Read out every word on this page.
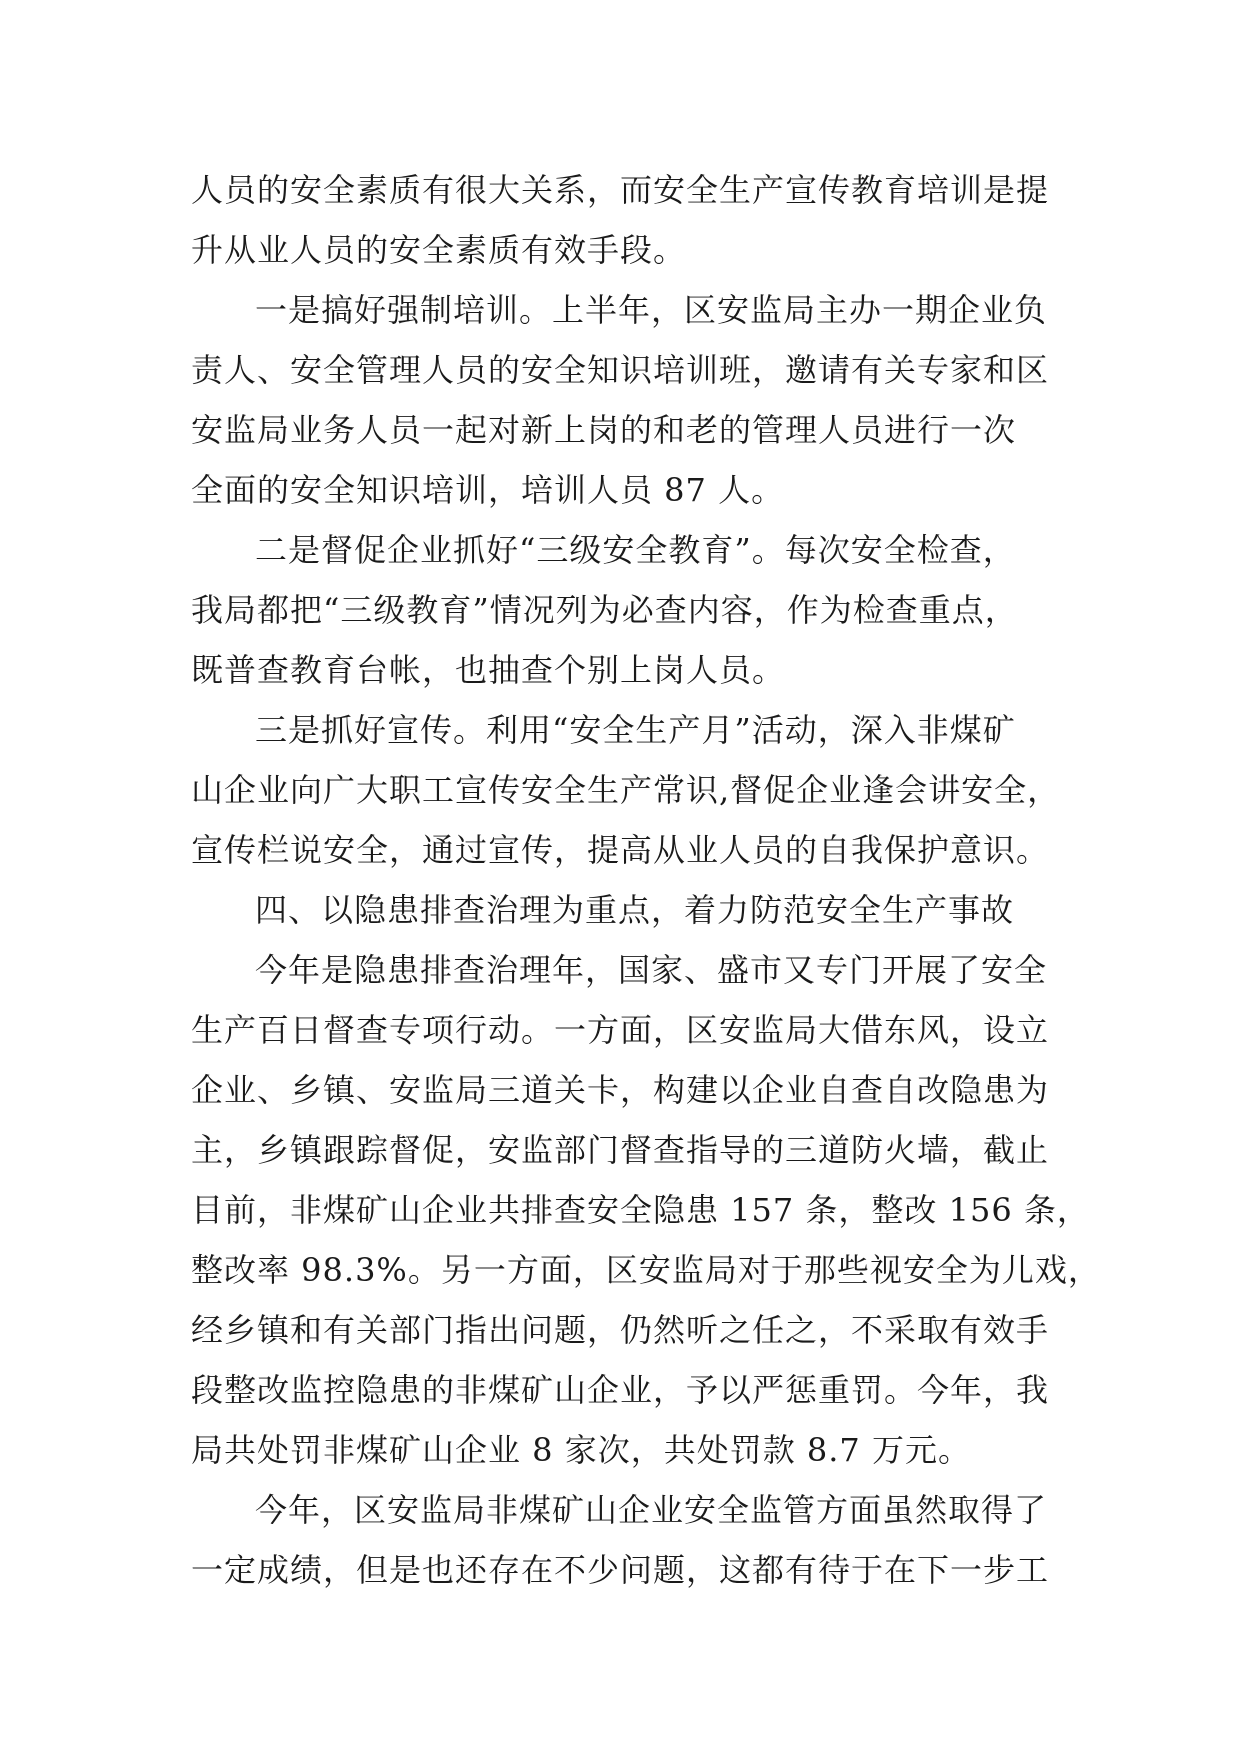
人员的安全素质有很大关系，而安全生产宣传教育培训是提
升从业人员的安全素质有效手段。
一是搞好强制培训。上半年，区安监局主办一期企业负
责人、安全管理人员的安全知识培训班，邀请有关专家和区
安监局业务人员一起对新上岗的和老的管理人员进行一次
全面的安全知识培训，培训人员 87 人。
二是督促企业抓好“三级安全教育”。每次安全检查，
我局都把“三级教育”情况列为必查内容，作为检查重点，
既普查教育台帐，也抽查个别上岗人员。
三是抓好宣传。利用“安全生产月”活动，深入非煤矿
山企业向广大职工宣传安全生产常识,督促企业逢会讲安全，
宣传栏说安全，通过宣传，提高从业人员的自我保护意识。
四、以隐患排查治理为重点，着力防范安全生产事故
今年是隐患排查治理年，国家、盛市又专门开展了安全
生产百日督查专项行动。一方面，区安监局大借东风，设立
企业、乡镇、安监局三道关卡，构建以企业自查自改隐患为
主，乡镇跟踪督促，安监部门督查指导的三道防火墙，截止
目前，非煤矿山企业共排查安全隐患 157 条，整改 156 条，
整改率 98.3%。另一方面，区安监局对于那些视安全为儿戏，
经乡镇和有关部门指出问题，仍然听之任之，不采取有效手
段整改监控隐患的非煤矿山企业，予以严惩重罚。今年，我
局共处罚非煤矿山企业 8 家次，共处罚款 8.7 万元。
今年，区安监局非煤矿山企业安全监管方面虽然取得了
一定成绩，但是也还存在不少问题，这都有待于在下一步工
